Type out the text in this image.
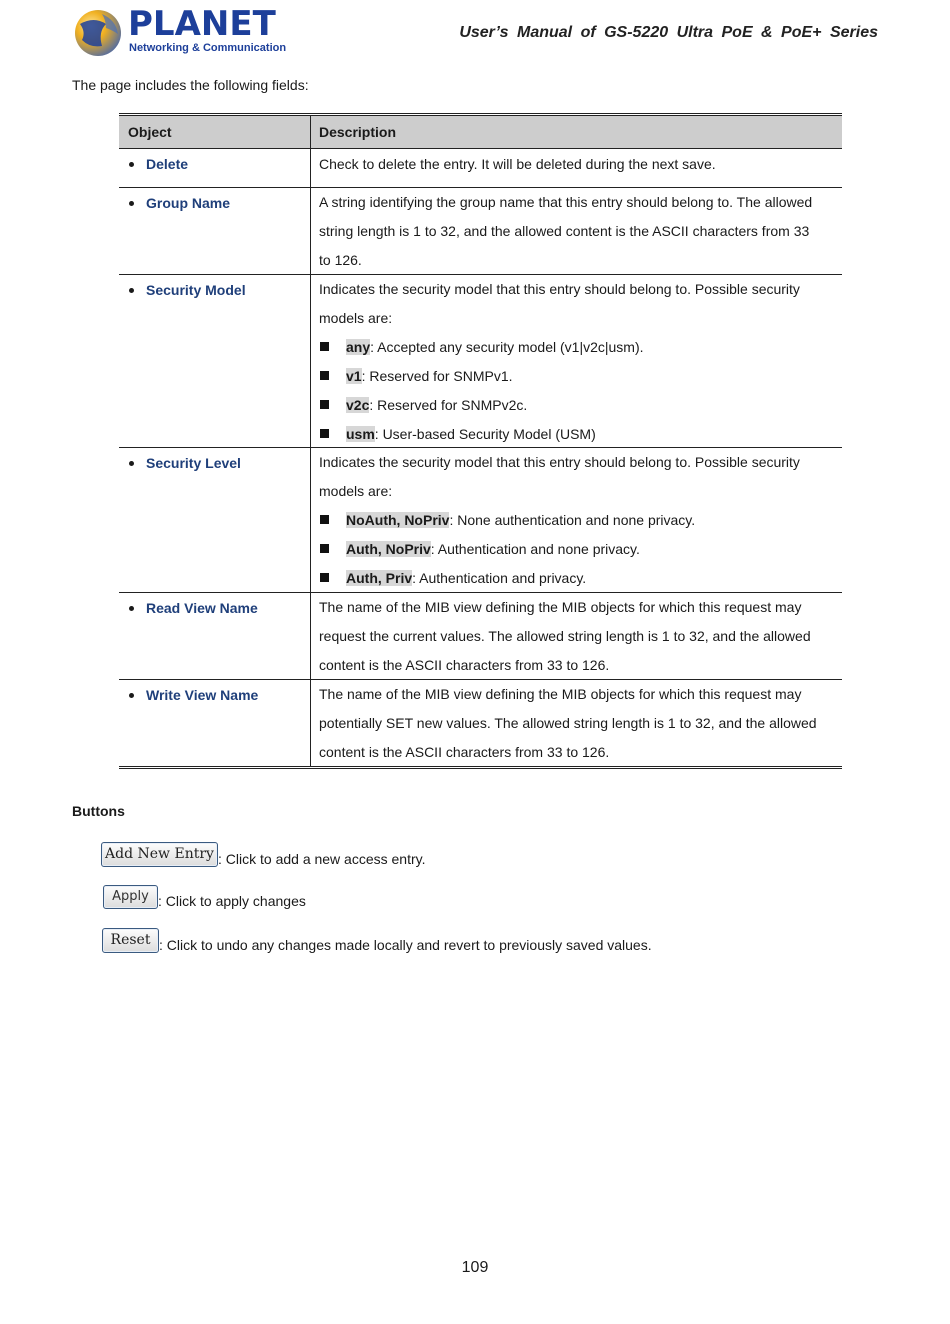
PLANET
Networking & Communication
User’s Manual of GS-5220 Ultra PoE & PoE+ Series
The page includes the following fields:
Object	Description
Delete	Check to delete the entry. It will be deleted during the next save.
Group Name	A string identifying the group name that this entry should belong to. The allowed
string length is 1 to 32, and the allowed content is the ASCII characters from 33
to 126.
Security Model	Indicates the security model that this entry should belong to. Possible security
models are:
any: Accepted any security model (v1|v2c|usm).
v1: Reserved for SNMPv1.
v2c: Reserved for SNMPv2c.
usm: User-based Security Model (USM)
Security Level	Indicates the security model that this entry should belong to. Possible security
models are:
NoAuth, NoPriv: None authentication and none privacy.
Auth, NoPriv: Authentication and none privacy.
Auth, Priv: Authentication and privacy.
Read View Name	The name of the MIB view defining the MIB objects for which this request may
request the current values. The allowed string length is 1 to 32, and the allowed
content is the ASCII characters from 33 to 126.
Write View Name	The name of the MIB view defining the MIB objects for which this request may
potentially SET new values. The allowed string length is 1 to 32, and the allowed
content is the ASCII characters from 33 to 126.
Buttons
Add New Entry : Click to add a new access entry.
Apply : Click to apply changes
Reset : Click to undo any changes made locally and revert to previously saved values.
109
